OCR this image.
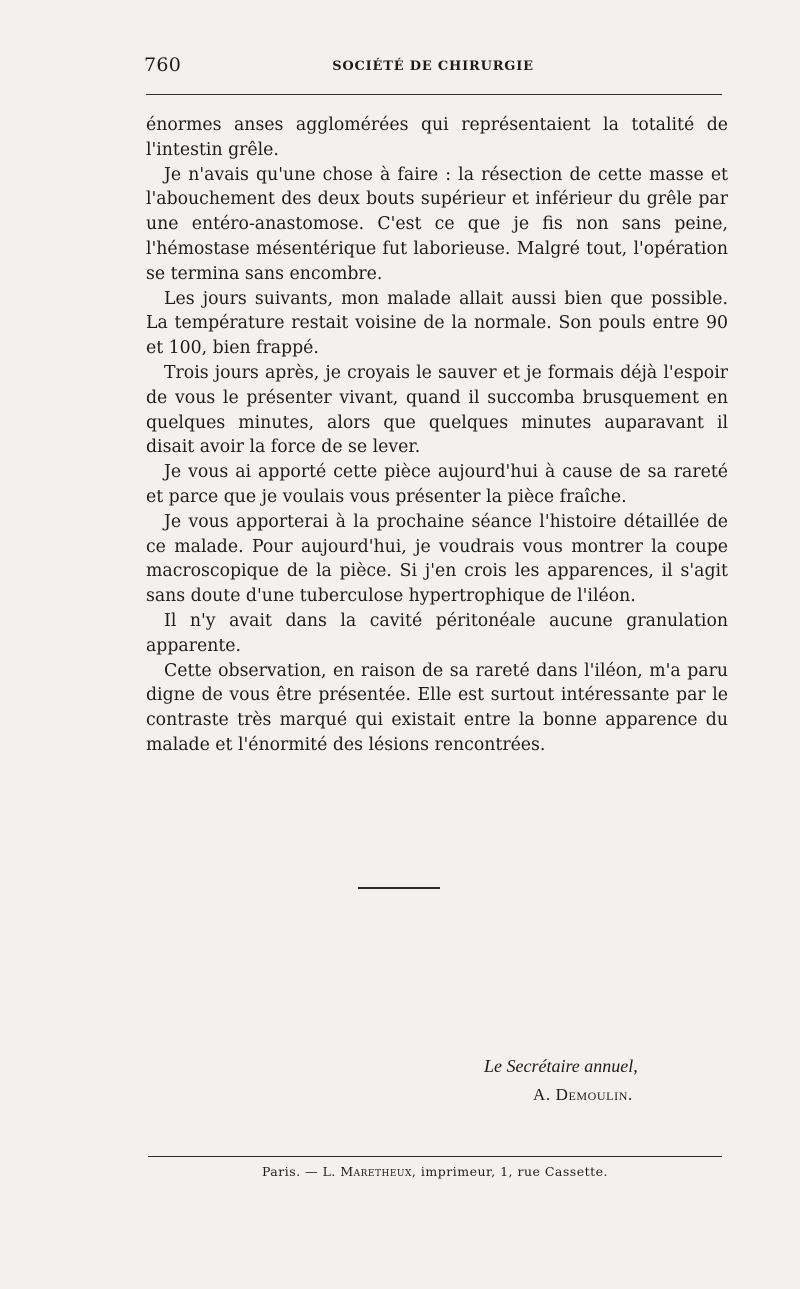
760	SOCIÉTÉ DE CHIRURGIE

énormes anses agglomérées qui représentaient la totalité de l'intestin grêle.

Je n'avais qu'une chose à faire : la résection de cette masse et l'abouchement des deux bouts supérieur et inférieur du grêle par une entéro-anastomose. C'est ce que je fis non sans peine, l'hémostase mésentérique fut laborieuse. Malgré tout, l'opération se termina sans encombre.

Les jours suivants, mon malade allait aussi bien que possible. La température restait voisine de la normale. Son pouls entre 90 et 100, bien frappé.

Trois jours après, je croyais le sauver et je formais déjà l'espoir de vous le présenter vivant, quand il succomba brusquement en quelques minutes, alors que quelques minutes auparavant il disait avoir la force de se lever.

Je vous ai apporté cette pièce aujourd'hui à cause de sa rareté et parce que je voulais vous présenter la pièce fraîche.

Je vous apporterai à la prochaine séance l'histoire détaillée de ce malade. Pour aujourd'hui, je voudrais vous montrer la coupe macroscopique de la pièce. Si j'en crois les apparences, il s'agit sans doute d'une tuberculose hypertrophique de l'iléon.

Il n'y avait dans la cavité péritonéale aucune granulation apparente.

Cette observation, en raison de sa rareté dans l'iléon, m'a paru digne de vous être présentée. Elle est surtout intéressante par le contraste très marqué qui existait entre la bonne apparence du malade et l'énormité des lésions rencontrées.

Le Secrétaire annuel,
A. Demoulin.
Paris. — L. Maretheux, imprimeur, 1, rue Cassette.
